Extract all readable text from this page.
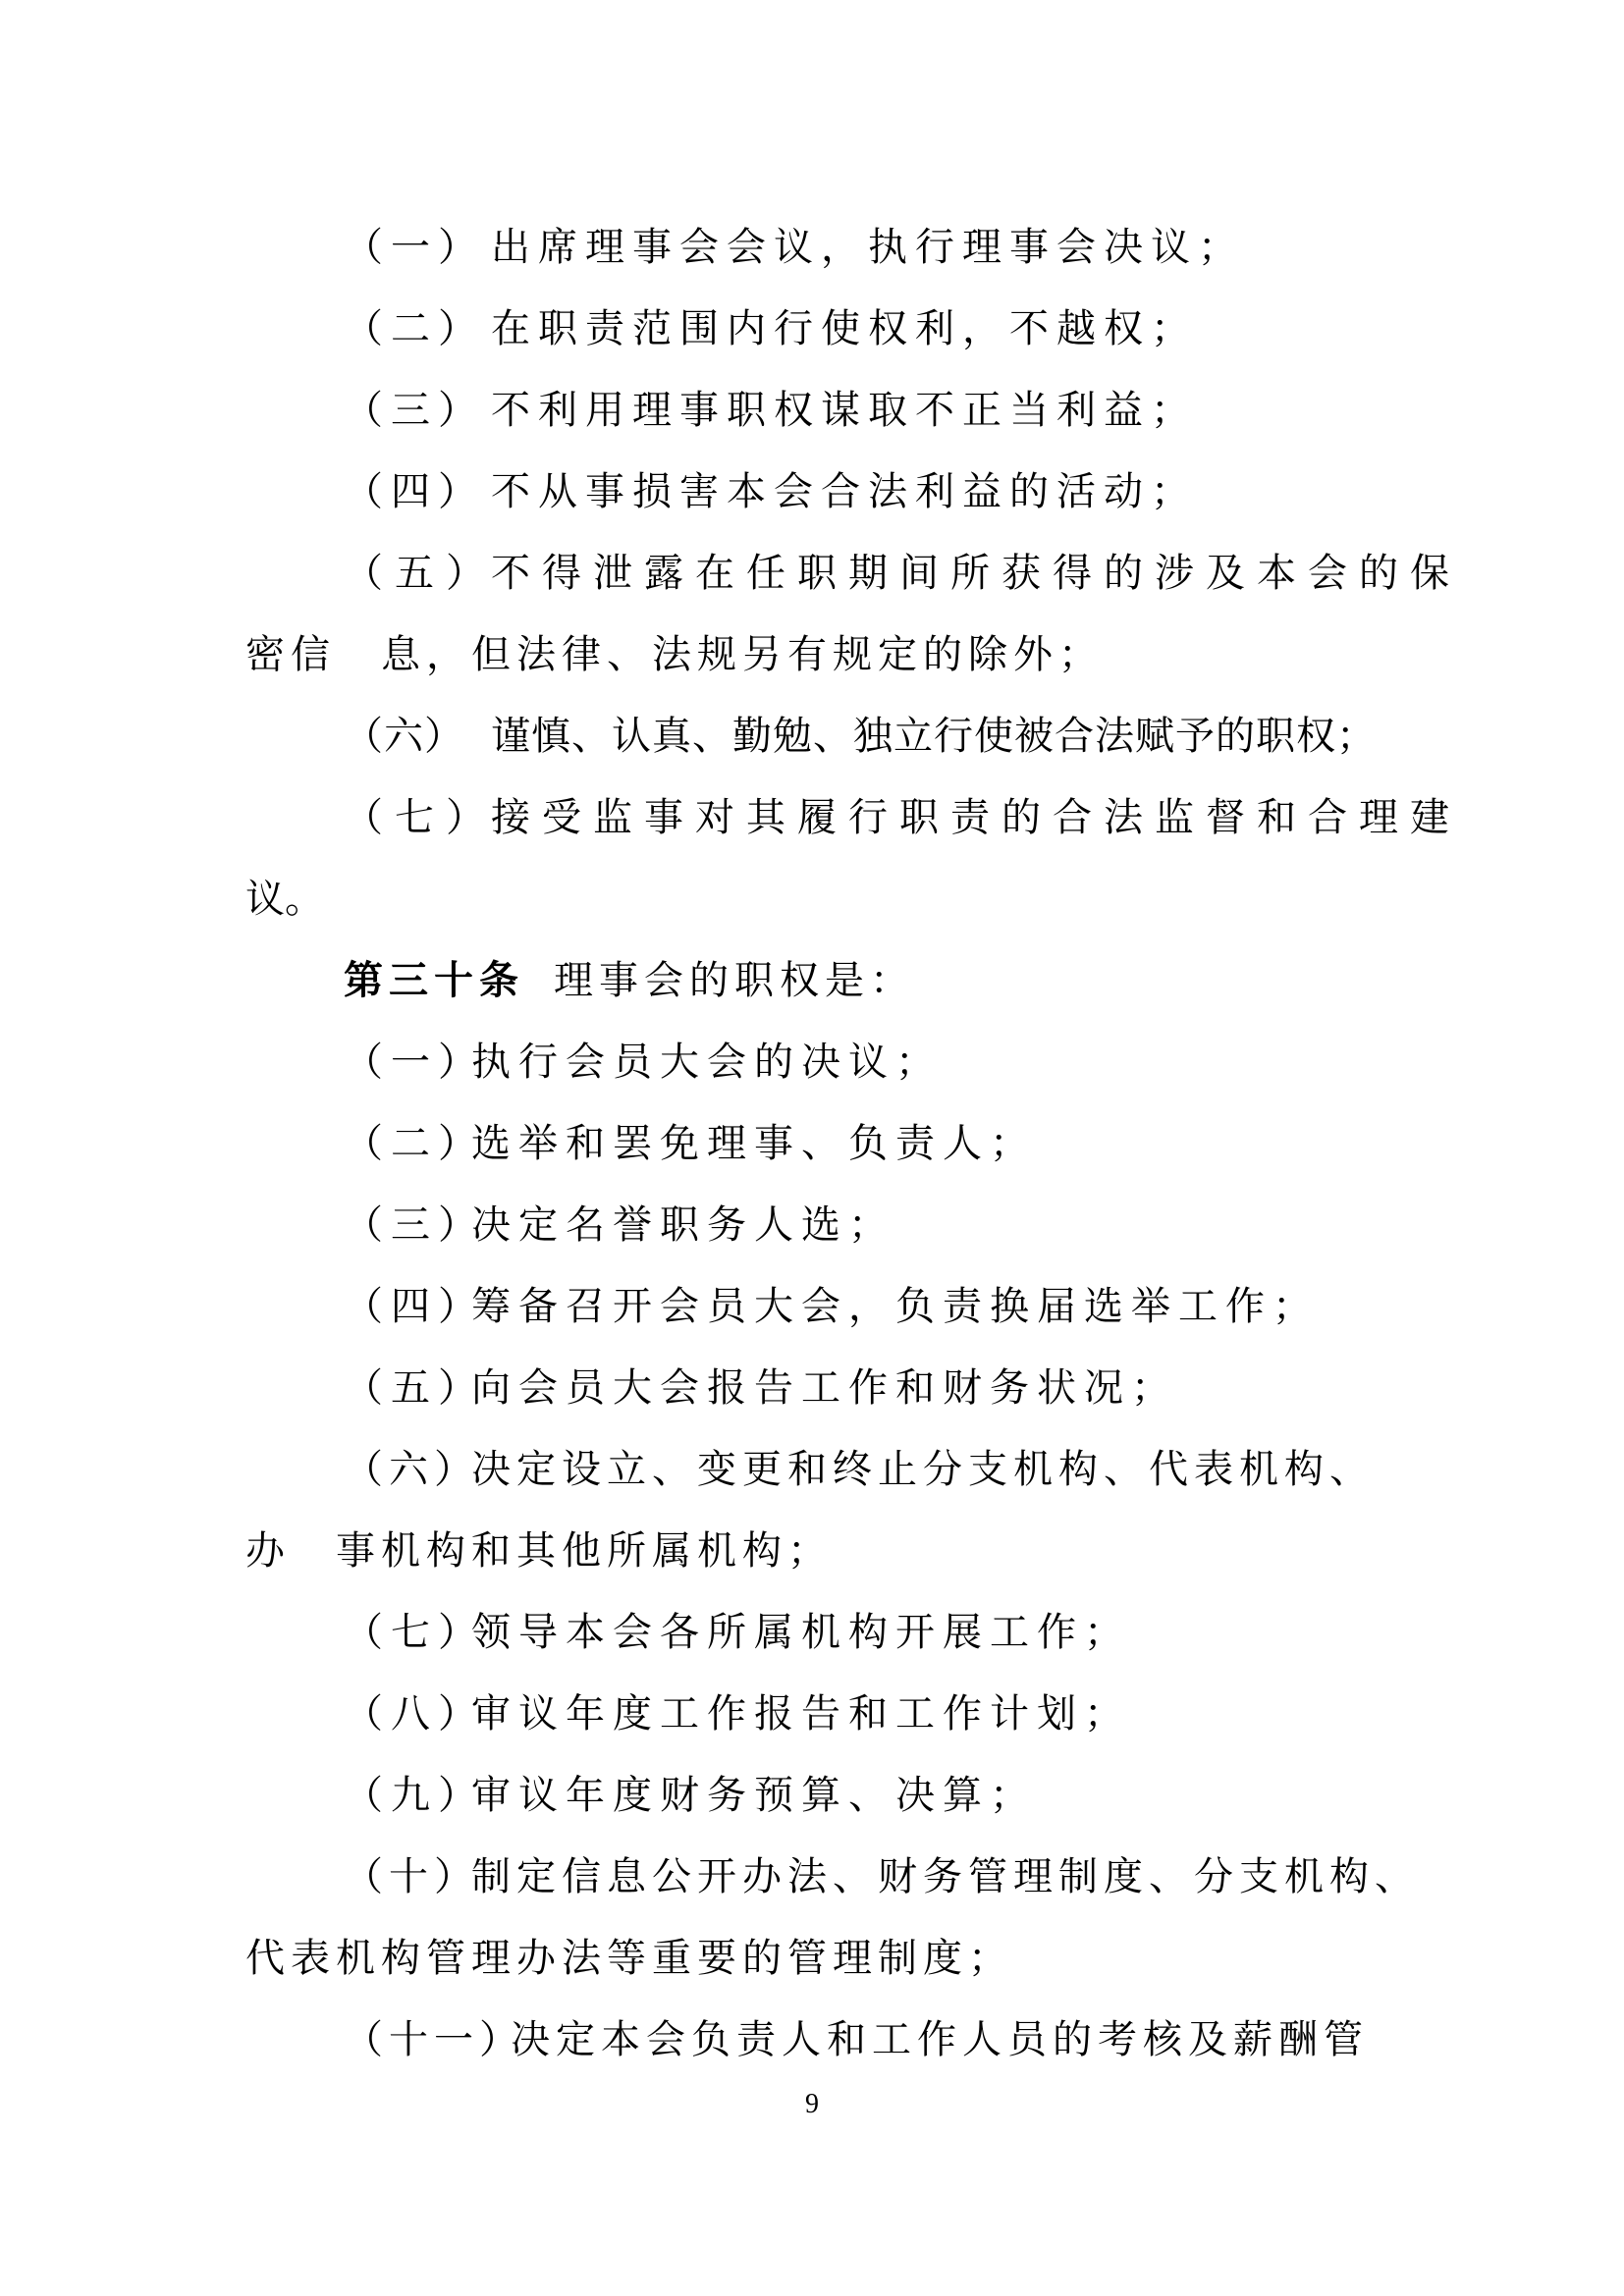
（一） 出席理事会会议，执行理事会决议；
（二） 在职责范围内行使权利，不越权；
（三） 不利用理事职权谋取不正当利益；
（四） 不从事损害本会合法利益的活动；
（五）不得泄露在任职期间所获得的涉及本会的保
密信　息，但法律、法规另有规定的除外；
（六） 谨慎、认真、勤勉、独立行使被合法赋予的职权；
（七）接受监事对其履行职责的合法监督和合理建
议。
第三十条 理事会的职权是：
（一）执行会员大会的决议；
（二）选举和罢免理事、负责人；
（三）决定名誉职务人选；
（四）筹备召开会员大会，负责换届选举工作；
（五）向会员大会报告工作和财务状况；
（六）决定设立、变更和终止分支机构、代表机构、
办　事机构和其他所属机构；
（七）领导本会各所属机构开展工作；
（八）审议年度工作报告和工作计划；
（九）审议年度财务预算、决算；
（十）制定信息公开办法、财务管理制度、分支机构、
代表机构管理办法等重要的管理制度；
（十一）决定本会负责人和工作人员的考核及薪酬管
9
